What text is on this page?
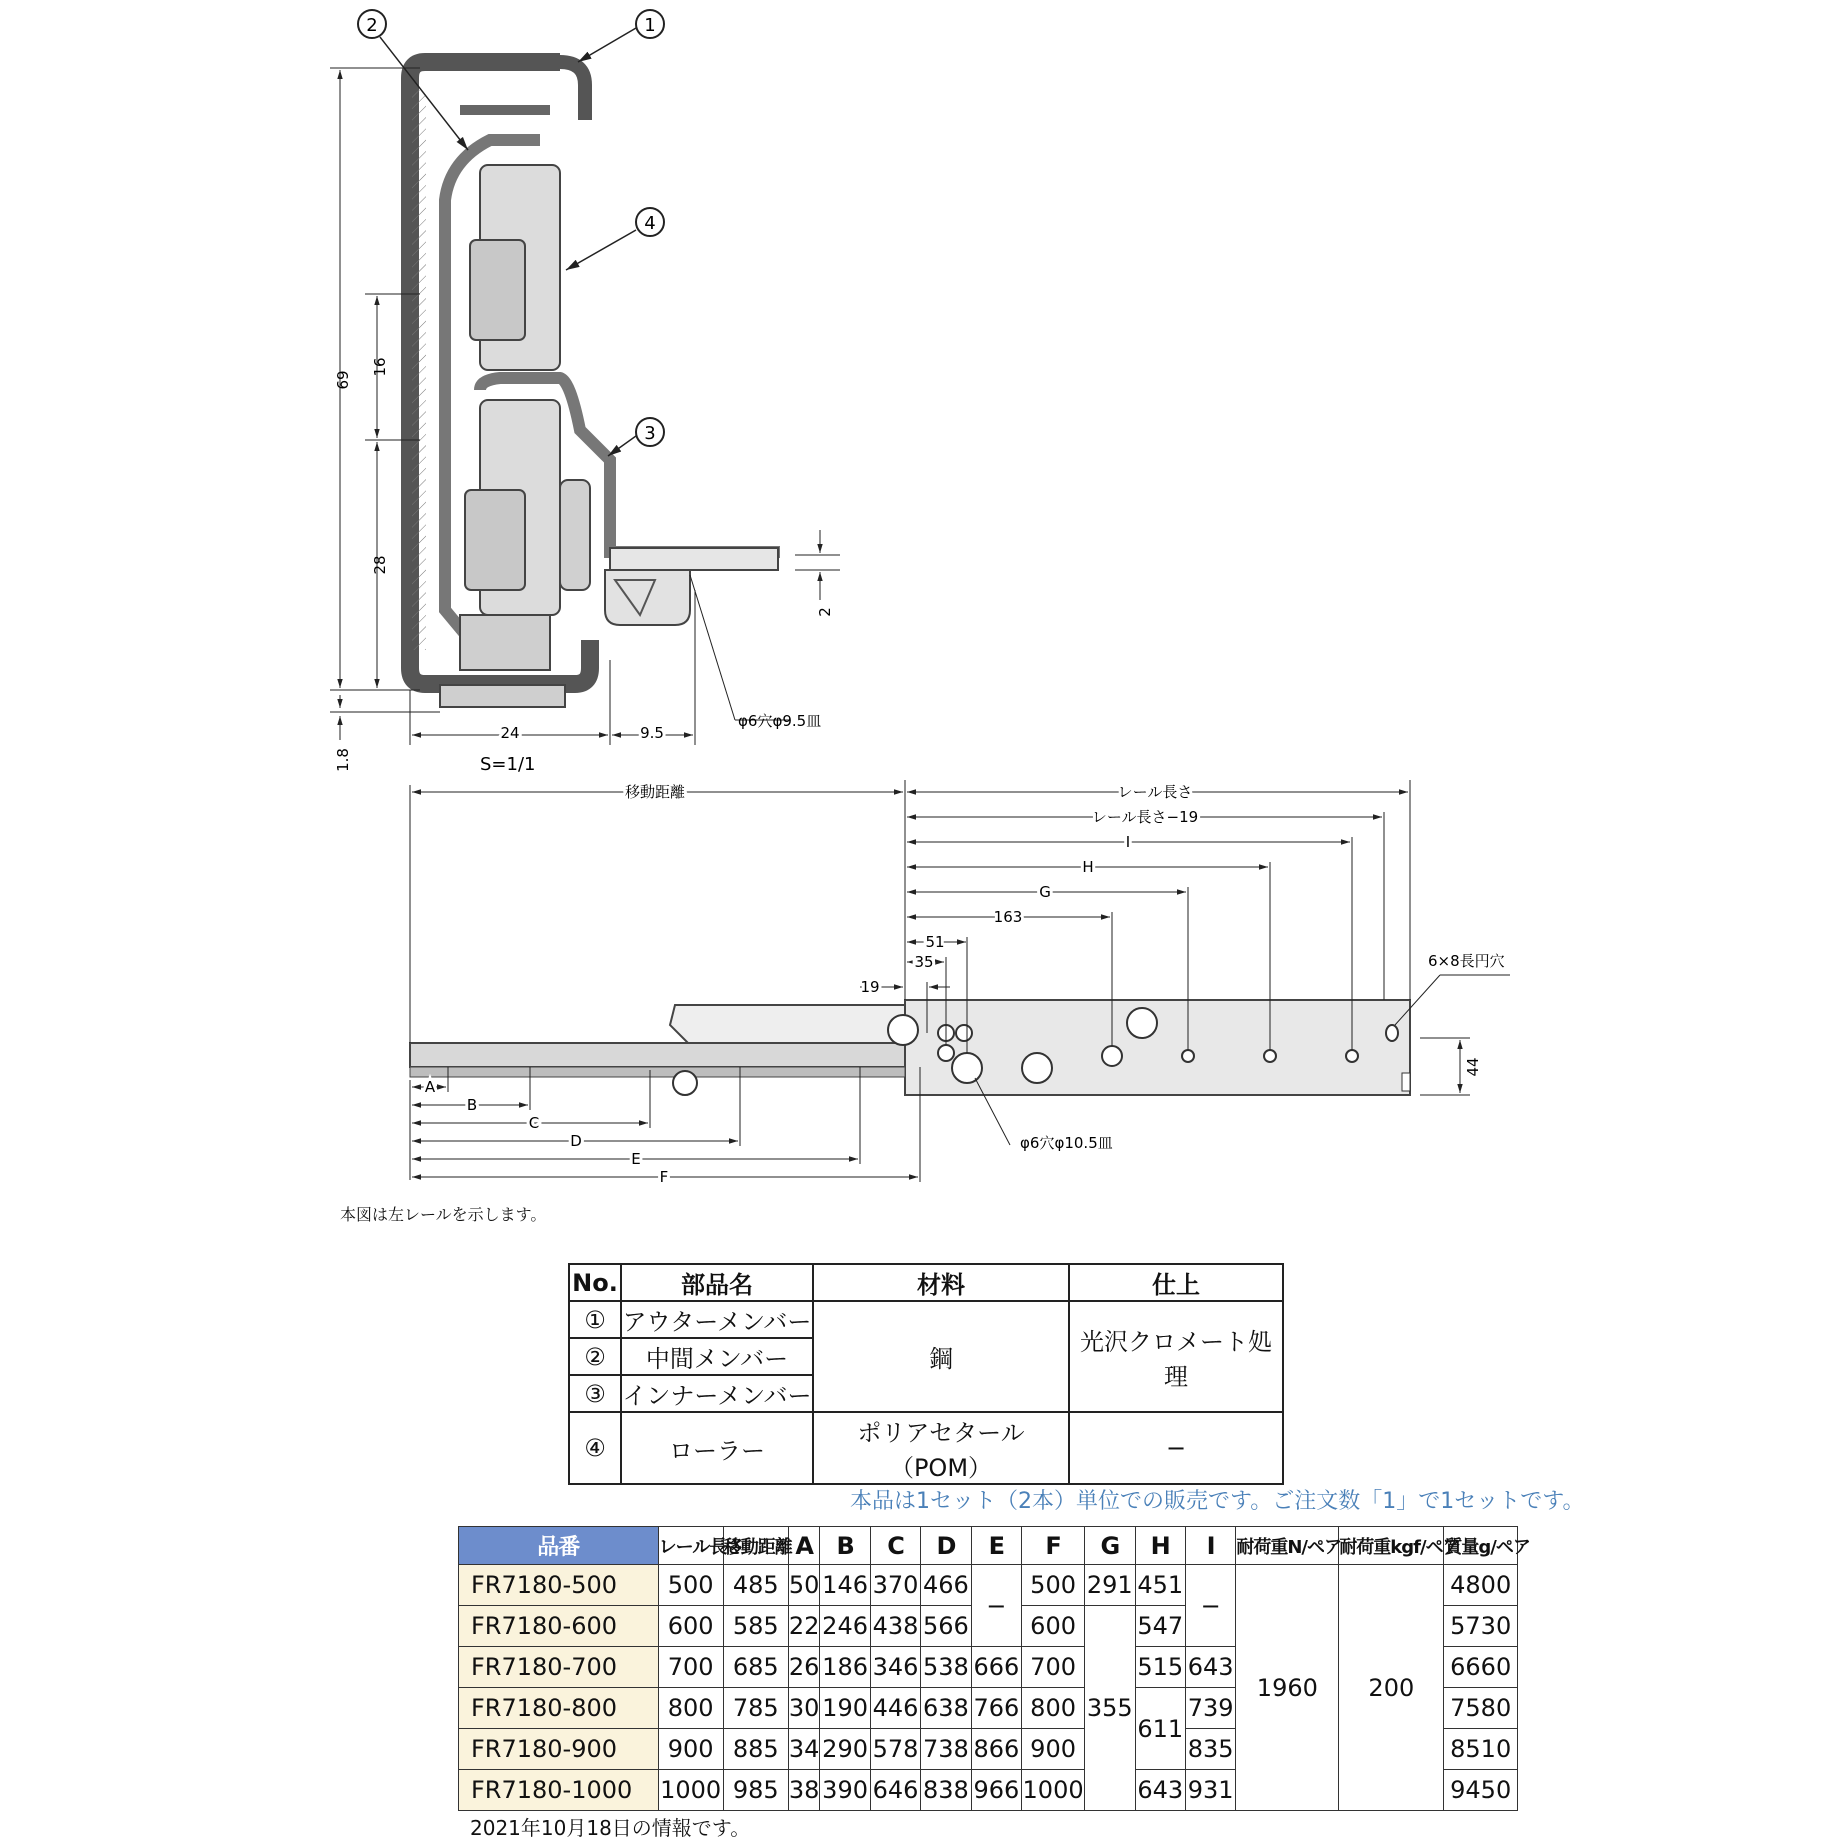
1
2
3
4
69
16
28
2
1.8
24	9.5
φ6穴φ9.5皿
S=1/1
移動距離	レール長さ
レール長さ−19
I
H
G
163
51
35
19
A
B
C
D
E
F
6×8長円穴
44
φ6穴φ10.5皿
本図は左レールを示します。
No.	部品名	材料	仕上
①	アウターメンバー	鋼	光沢クロメート処理
②	中間メンバー		
③	インナーメンバー		
④	ローラー	ポリアセタール（POM）	−
本品は1セット（2本）単位での販売です。ご注文数「1」で1セットです。
品番	レール長さ	移動距離	A	B	C	D	E	F	G	H	I	耐荷重N/ペア	耐荷重kgf/ペア	質量g/ペア
FR7180-500	500	485	50	146	370	466	−	500	291	451	−	1960	200	4800
FR7180-600	600	585	22	246	438	566		600	355	547				5730
FR7180-700	700	685	26	186	346	538	666	700		515	643			6660
FR7180-800	800	785	30	190	446	638	766	800		611	739			7580
FR7180-900	900	885	34	290	578	738	866	900			835			8510
FR7180-1000	1000	985	38	390	646	838	966	1000		643	931			9450
2021年10月18日の情報です。
